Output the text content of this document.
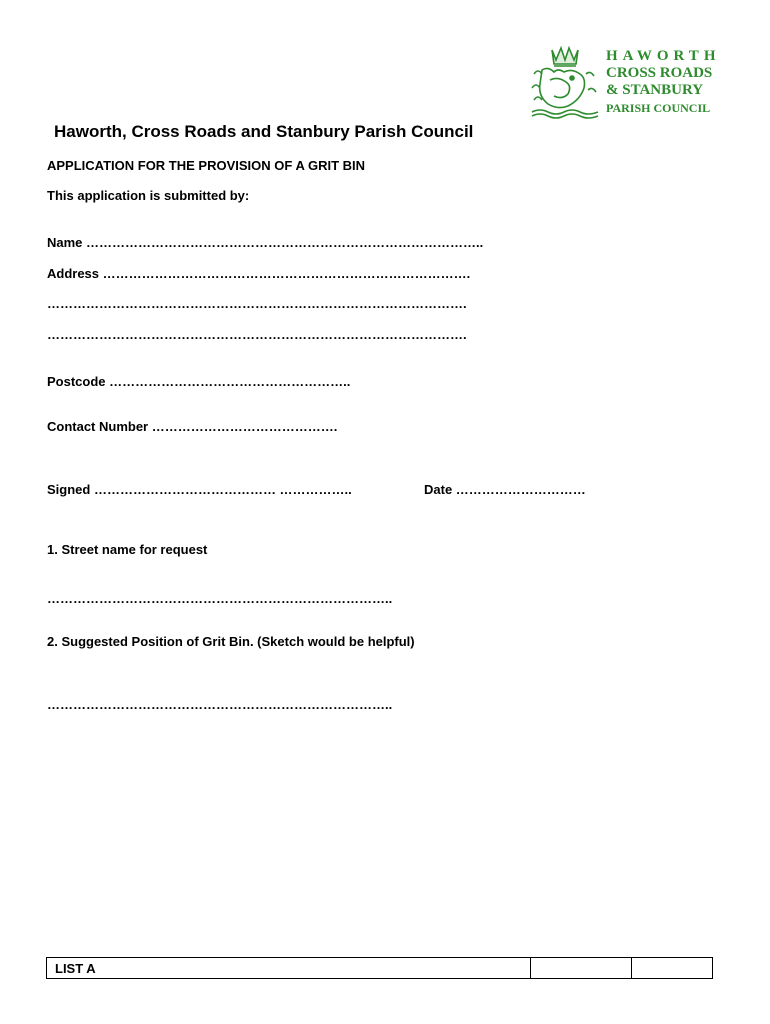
HAWORTH
CROSS ROADS
& STANBURY
PARISH COUNCIL
Haworth, Cross Roads and Stanbury Parish Council
APPLICATION FOR THE PROVISION OF A GRIT BIN
This application is submitted by:
Name ………………………………………………………………………………..
Address ………………………………………………………………………….
…………………………………………………………………………………….
…………………………………………………………………………………….
Postcode ………………………………………………..
Contact Number …………………………………….
Signed …………………………………… ……………..	Date …………………………
1. Street name for request
……………………………………………………………………..
2. Suggested Position of Grit Bin. (Sketch would be helpful)
……………………………………………………………………..
LIST A		
